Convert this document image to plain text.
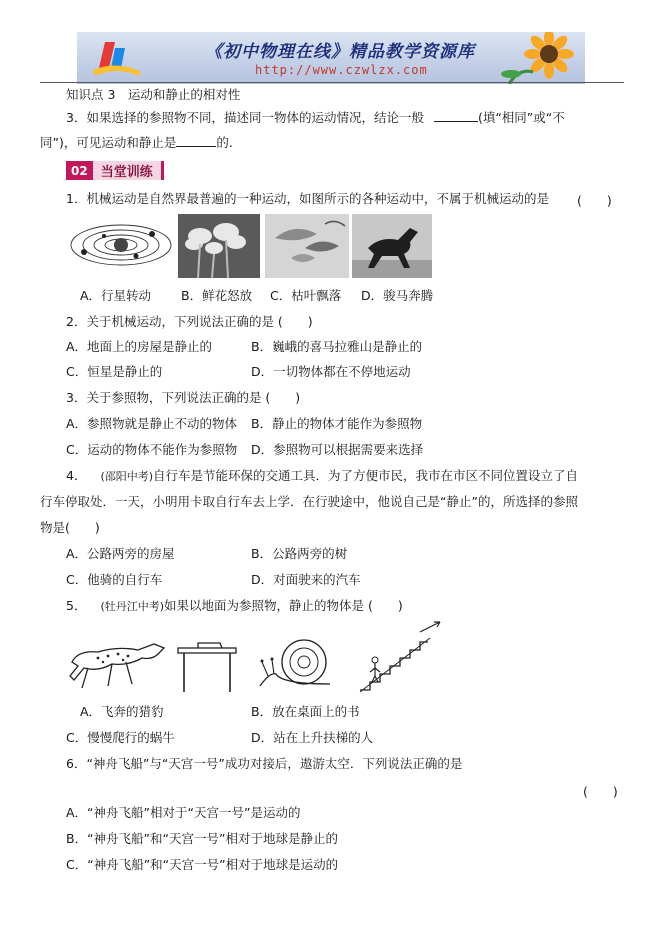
《初中物理在线》精品教学资源库
http://www.czwlzx.com
知识点 3　运动和静止的相对性
3．如果选择的参照物不同，描述同一物体的运动情况，结论一般	(填“相同”或“不
同”)，可见运动和静止是	的.
02	当堂训练
1．机械运动是自然界最普遍的一种运动，如图所示的各种运动中，不属于机械运动的是 (　　)
A．行星转动 B．鲜花怒放 C．枯叶飘落 D．骏马奔腾
2．关于机械运动，下列说法正确的是 (　　)
A．地面上的房屋是静止的	B．巍峨的喜马拉雅山是静止的
C．恒星是静止的	D．一切物体都在不停地运动
3．关于参照物，下列说法正确的是 (　　)
A．参照物就是静止不动的物体 B．静止的物体才能作为参照物
C．运动的物体不能作为参照物 D．参照物可以根据需要来选择
4． (邵阳中考)自行车是节能环保的交通工具．为了方便市民，我市在市区不同位置设立了自
行车停取处．一天，小明用卡取自行车去上学．在行驶途中，他说自己是“静止”的，所选择的参照
物是(　　)
A．公路两旁的房屋	B．公路两旁的树
C．他骑的自行车	D．对面驶来的汽车
5． (牡丹江中考)如果以地面为参照物，静止的物体是 (　　)
A．飞奔的猎豹	B．放在桌面上的书
C．慢慢爬行的蜗牛	D．站在上升扶梯的人
6．“神舟飞船”与“天宫一号”成功对接后，遨游太空．下列说法正确的是
(　　)
A．“神舟飞船”相对于“天宫一号”是运动的
B．“神舟飞船”和“天宫一号”相对于地球是静止的
C．“神舟飞船”和“天宫一号”相对于地球是运动的
